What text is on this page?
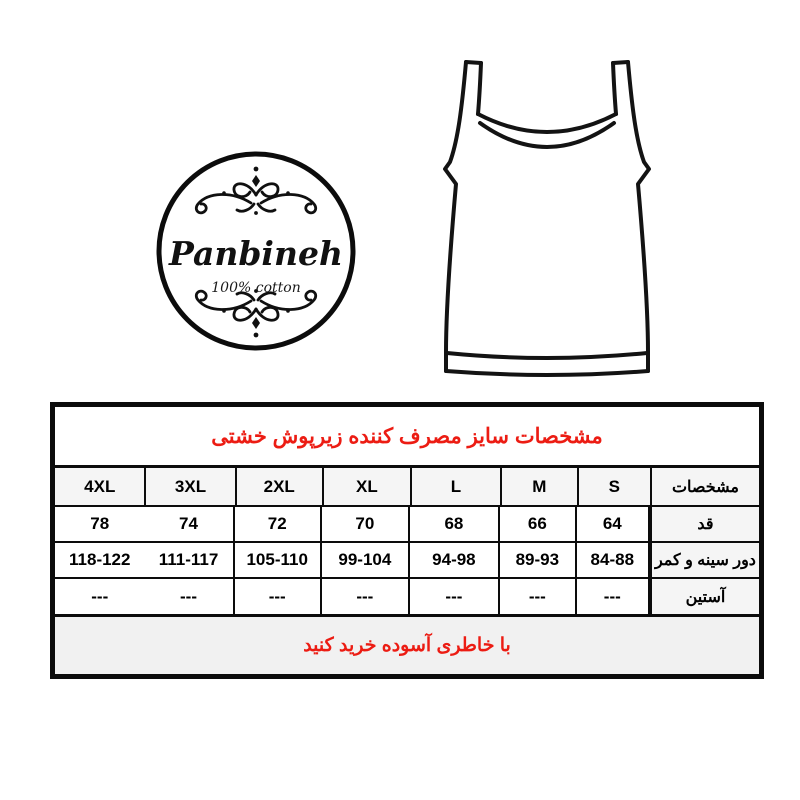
Panbineh
100% cotton
مشخصات سایز مصرف کننده زیرپوش خشتی
مشخصات
S
M
L
XL
2XL
3XL
4XL
قد
64
66
68
70
72
74
78
دور سینه و کمر
84-88
89-93
94-98
99-104
105-110
111-117
118-122
آستین
---
---
---
---
---
---
---
با خاطری آسوده خرید کنید
